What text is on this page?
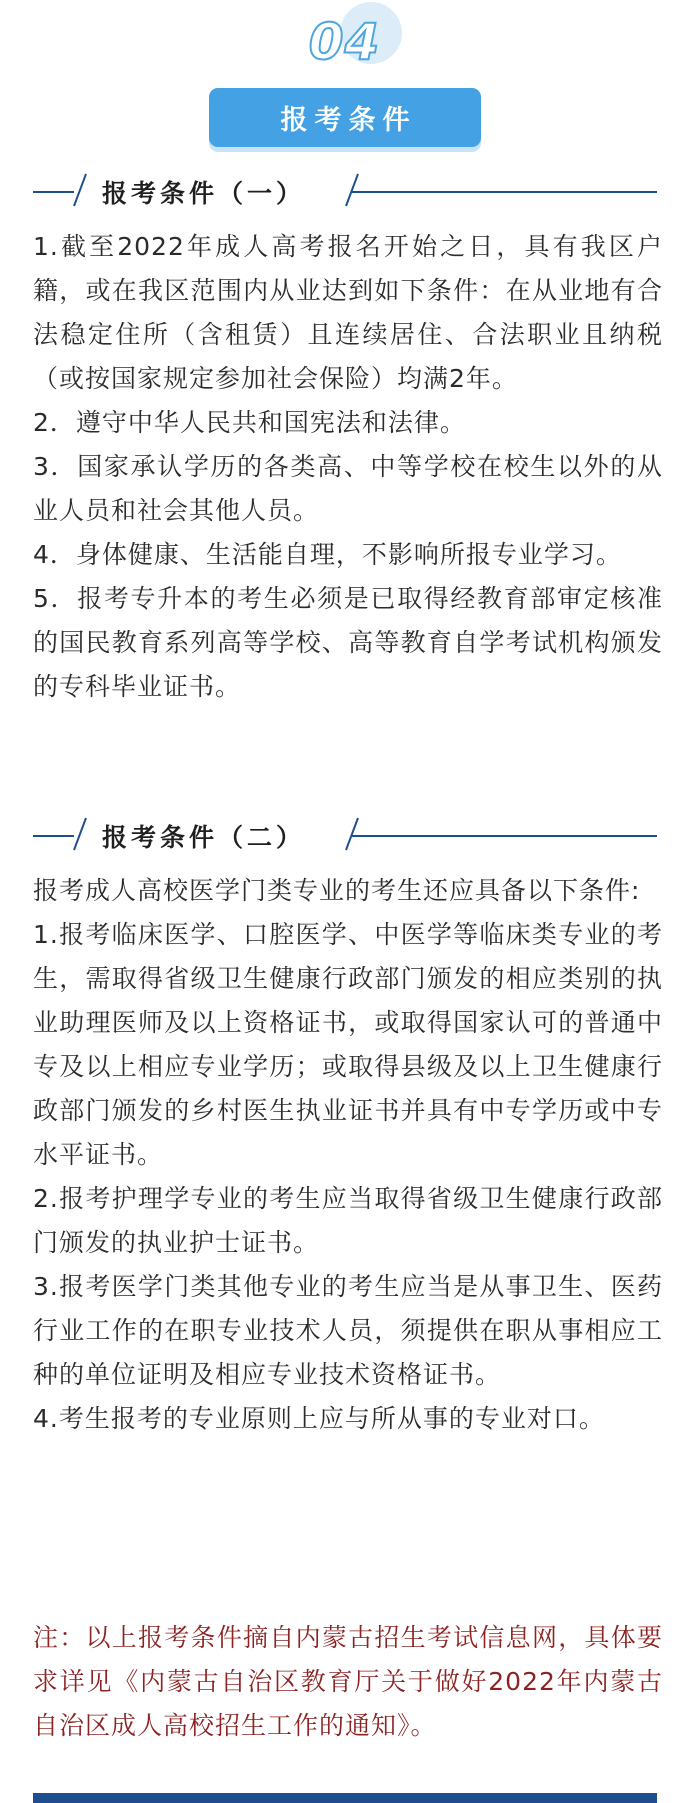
04
报考条件
报考条件（一）

1.截至2022年成人高考报名开始之日，具有我区户籍，或在我区范围内从业达到如下条件：在从业地有合法稳定住所（含租赁）且连续居住、合法职业且纳税（或按国家规定参加社会保险）均满2年。

2．遵守中华人民共和国宪法和法律。

3．国家承认学历的各类高、中等学校在校生以外的从业人员和社会其他人员。

4．身体健康、生活能自理，不影响所报专业学习。

5．报考专升本的考生必须是已取得经教育部审定核准的国民教育系列高等学校、高等教育自学考试机构颁发的专科毕业证书。

报考条件（二）

报考成人高校医学门类专业的考生还应具备以下条件:

1.报考临床医学、口腔医学、中医学等临床类专业的考生，需取得省级卫生健康行政部门颁发的相应类别的执业助理医师及以上资格证书，或取得国家认可的普通中专及以上相应专业学历；或取得县级及以上卫生健康行政部门颁发的乡村医生执业证书并具有中专学历或中专水平证书。

2.报考护理学专业的考生应当取得省级卫生健康行政部门颁发的执业护士证书。

3.报考医学门类其他专业的考生应当是从事卫生、医药行业工作的在职专业技术人员，须提供在职从事相应工种的单位证明及相应专业技术资格证书。

4.考生报考的专业原则上应与所从事的专业对口。

注：以上报考条件摘自内蒙古招生考试信息网，具体要求详见《内蒙古自治区教育厅关于做好2022年内蒙古自治区成人高校招生工作的通知》。
